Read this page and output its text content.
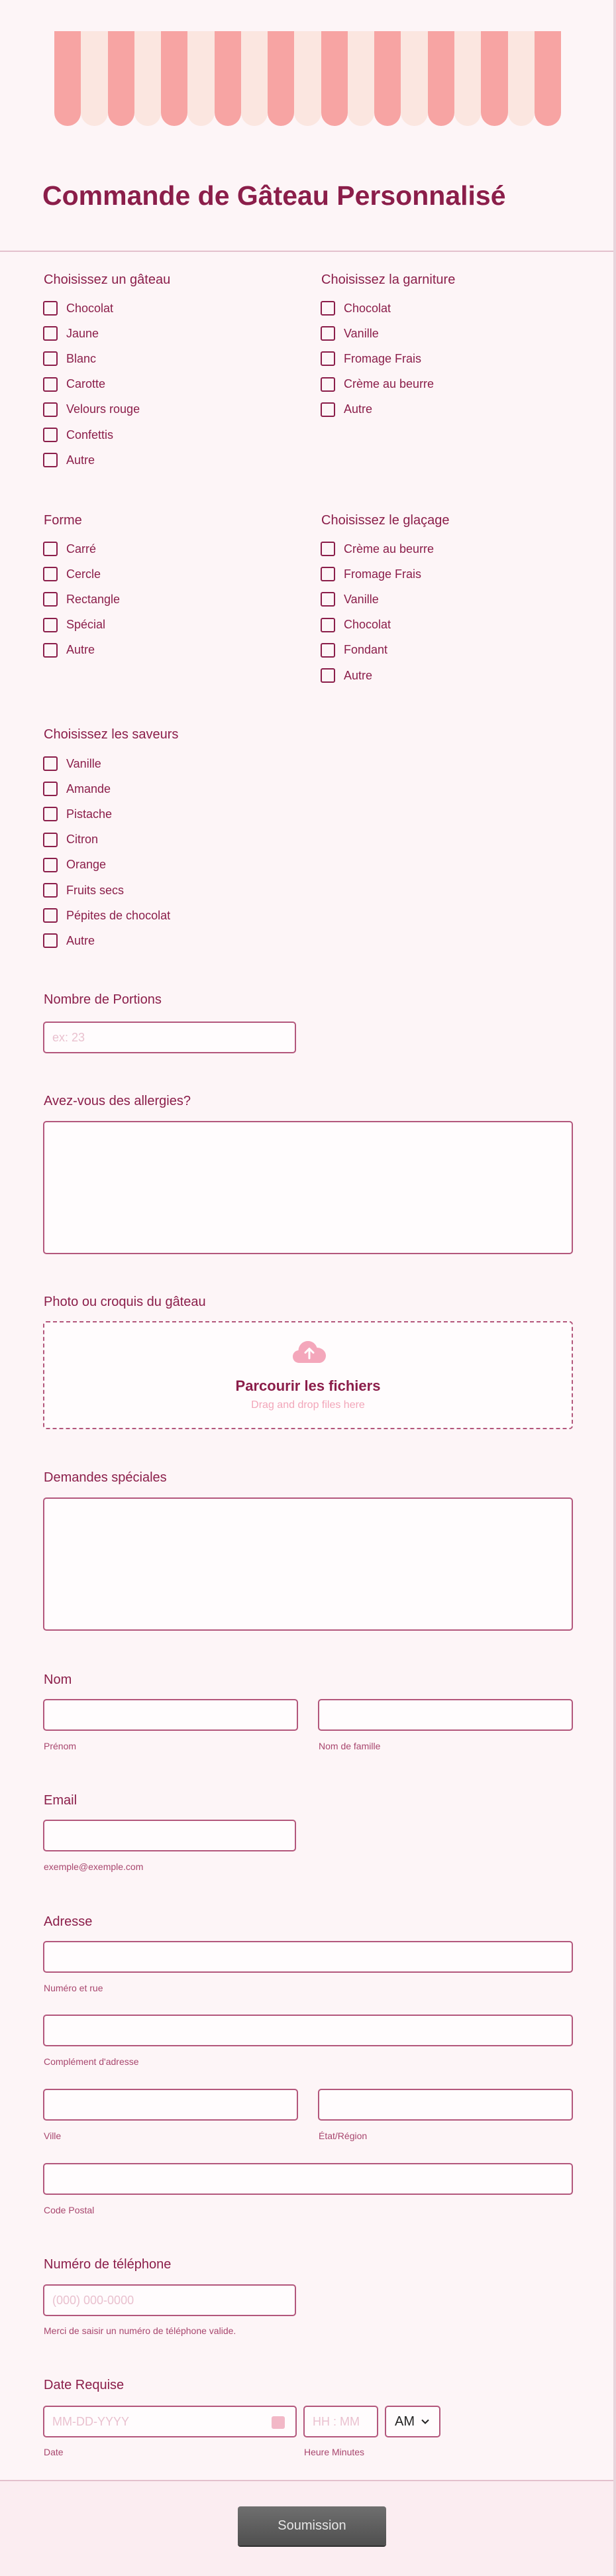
Commande de Gâteau Personnalisé
Choisissez un gâteau
Chocolat
Jaune
Blanc
Carotte
Velours rouge
Confettis
Autre
Choisissez la garniture
Chocolat
Vanille
Fromage Frais
Crème au beurre
Autre
Forme
Carré
Cercle
Rectangle
Spécial
Autre
Choisissez le glaçage
Crème au beurre
Fromage Frais
Vanille
Chocolat
Fondant
Autre
Choisissez les saveurs
Vanille
Amande
Pistache
Citron
Orange
Fruits secs
Pépites de chocolat
Autre
Nombre de Portions
ex: 23
Avez-vous des allergies?
Photo ou croquis du gâteau
Parcourir les fichiers
Drag and drop files here
Demandes spéciales
Nom
Prénom	Nom de famille
Email
exemple@exemple.com
Adresse
Numéro et rue
Complément d'adresse
Ville	État/Région
Code Postal
Numéro de téléphone
(000) 000-0000
Merci de saisir un numéro de téléphone valide.
Date Requise
MM-DD-YYYY
HH : MM
AM
Date	Heure Minutes
Soumission
